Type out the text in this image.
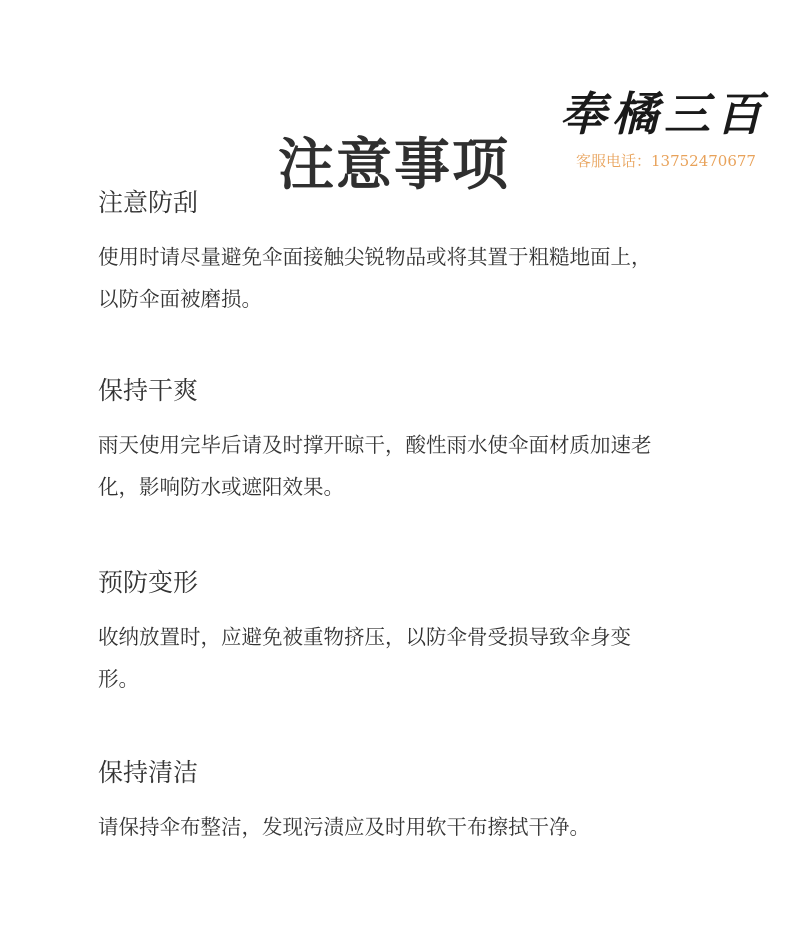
注意事项
奉橘三百
客服电话：13752470677
注意防刮

使用时请尽量避免伞面接触尖锐物品或将其置于粗糙地面上，以防伞面被磨损。

保持干爽

雨天使用完毕后请及时撑开晾干，酸性雨水使伞面材质加速老化，影响防水或遮阳效果。

预防变形

收纳放置时，应避免被重物挤压，以防伞骨受损导致伞身变形。

保持清洁

请保持伞布整洁，发现污渍应及时用软干布擦拭干净。
